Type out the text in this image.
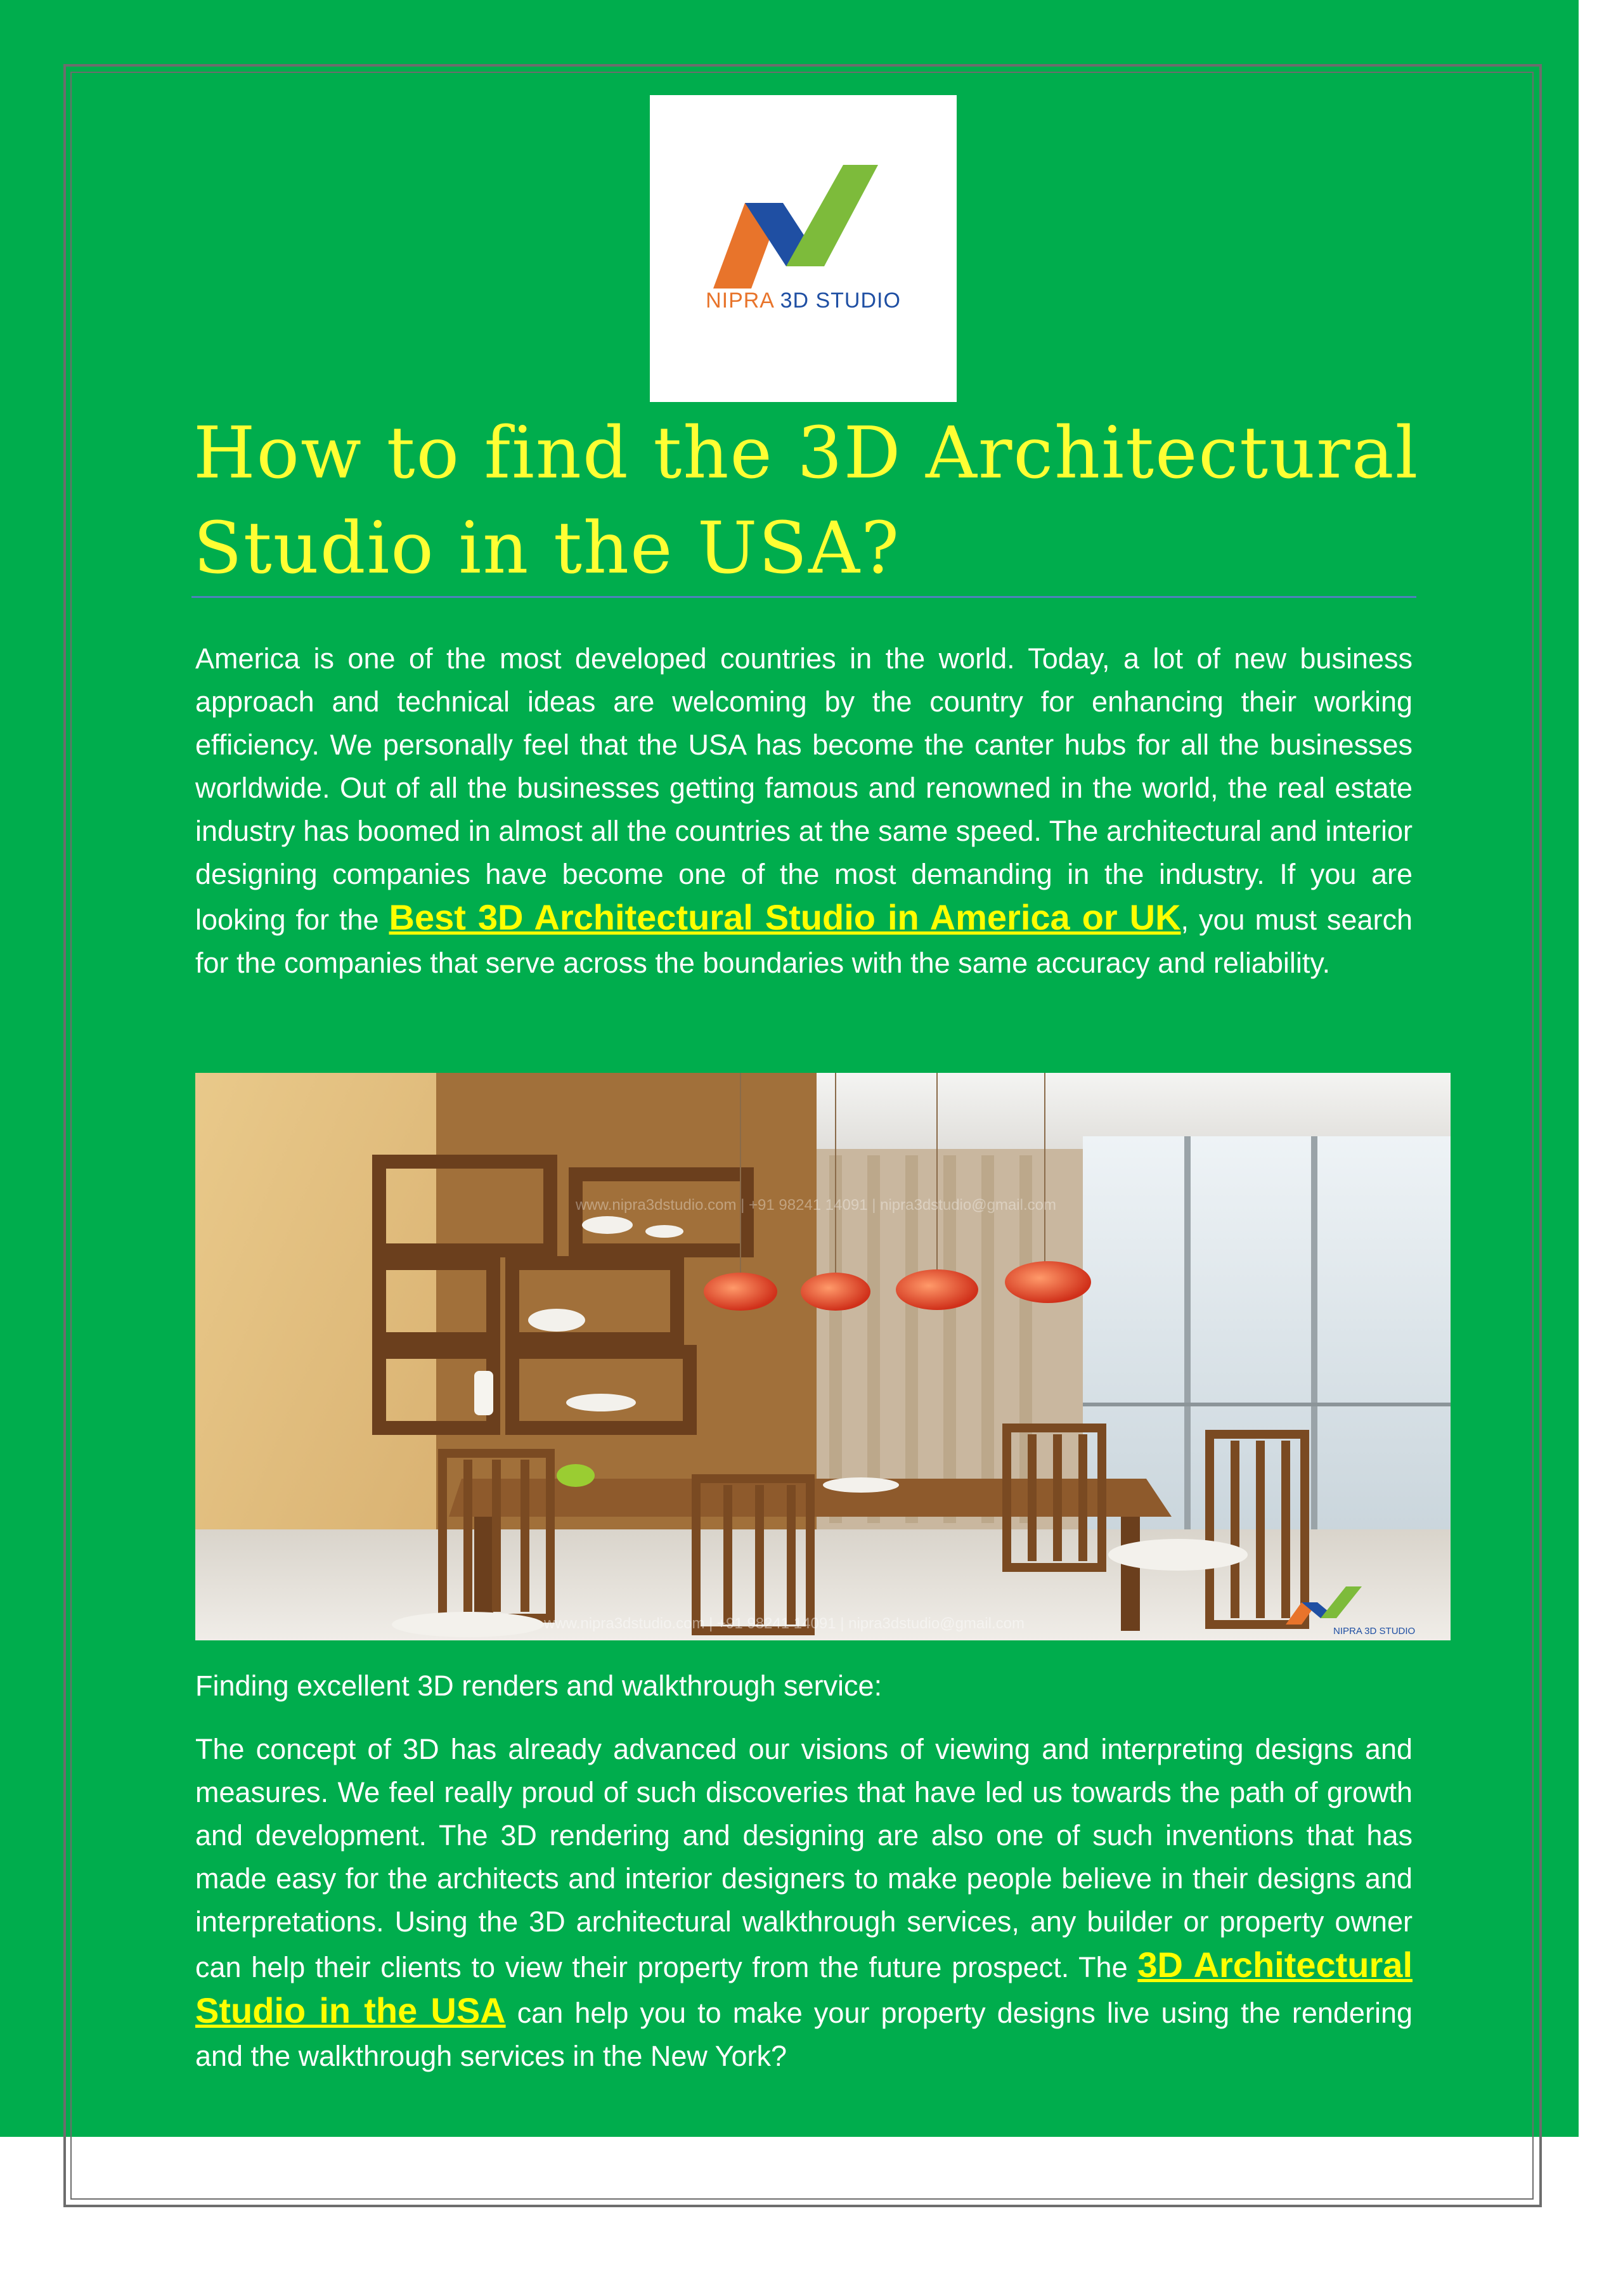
NIPRA 3D STUDIO
How to find the 3D Architectural Studio in the USA?

America is one of the most developed countries in the world. Today, a lot of new business approach and technical ideas are welcoming by the country for enhancing their working efficiency. We personally feel that the USA has become the canter hubs for all the businesses worldwide. Out of all the businesses getting famous and renowned in the world, the real estate industry has boomed in almost all the countries at the same speed. The architectural and interior designing companies have become one of the most demanding in the industry. If you are looking for the Best 3D Architectural Studio in America or UK, you must search for the companies that serve across the boundaries with the same accuracy and reliability.

www.nipra3dstudio.com | +91 98241 14091 | nipra3dstudio@gmail.com
www.nipra3dstudio.com | +91 98241 14091 | nipra3dstudio@gmail.com	NIPRA 3D STUDIO

Finding excellent 3D renders and walkthrough service:

The concept of 3D has already advanced our visions of viewing and interpreting designs and measures. We feel really proud of such discoveries that have led us towards the path of growth and development. The 3D rendering and designing are also one of such inventions that has made easy for the architects and interior designers to make people believe in their designs and interpretations. Using the 3D architectural walkthrough services, any builder or property owner can help their clients to view their property from the future prospect. The 3D Architectural Studio in the USA can help you to make your property designs live using the rendering and the walkthrough services in the New York?
